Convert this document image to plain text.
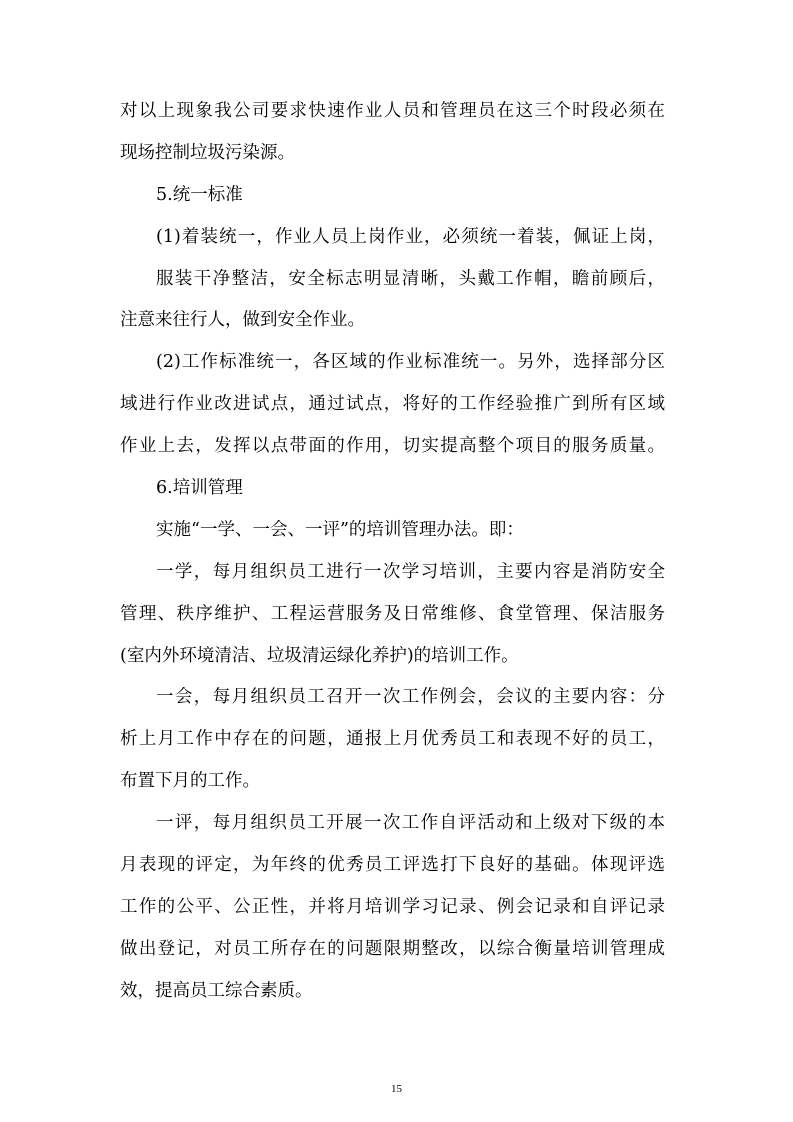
对以上现象我公司要求快速作业人员和管理员在这三个时段必须在
现场控制垃圾污染源。
5.统一标准
(1)着装统一，作业人员上岗作业，必须统一着装，佩证上岗，
服装干净整洁，安全标志明显清晰，头戴工作帽，瞻前顾后，
注意来往行人，做到安全作业。
(2)工作标准统一，各区域的作业标准统一。另外，选择部分区
域进行作业改进试点，通过试点，将好的工作经验推广到所有区域
作业上去，发挥以点带面的作用，切实提高整个项目的服务质量。
6.培训管理
实施“一学、一会、一评”的培训管理办法。即：
一学，每月组织员工进行一次学习培训，主要内容是消防安全
管理、秩序维护、工程运营服务及日常维修、食堂管理、保洁服务
(室内外环境清洁、垃圾清运绿化养护)的培训工作。
一会，每月组织员工召开一次工作例会，会议的主要内容：分
析上月工作中存在的问题，通报上月优秀员工和表现不好的员工，
布置下月的工作。
一评，每月组织员工开展一次工作自评活动和上级对下级的本
月表现的评定，为年终的优秀员工评选打下良好的基础。体现评选
工作的公平、公正性，并将月培训学习记录、例会记录和自评记录
做出登记，对员工所存在的问题限期整改，以综合衡量培训管理成
效，提高员工综合素质。
15
